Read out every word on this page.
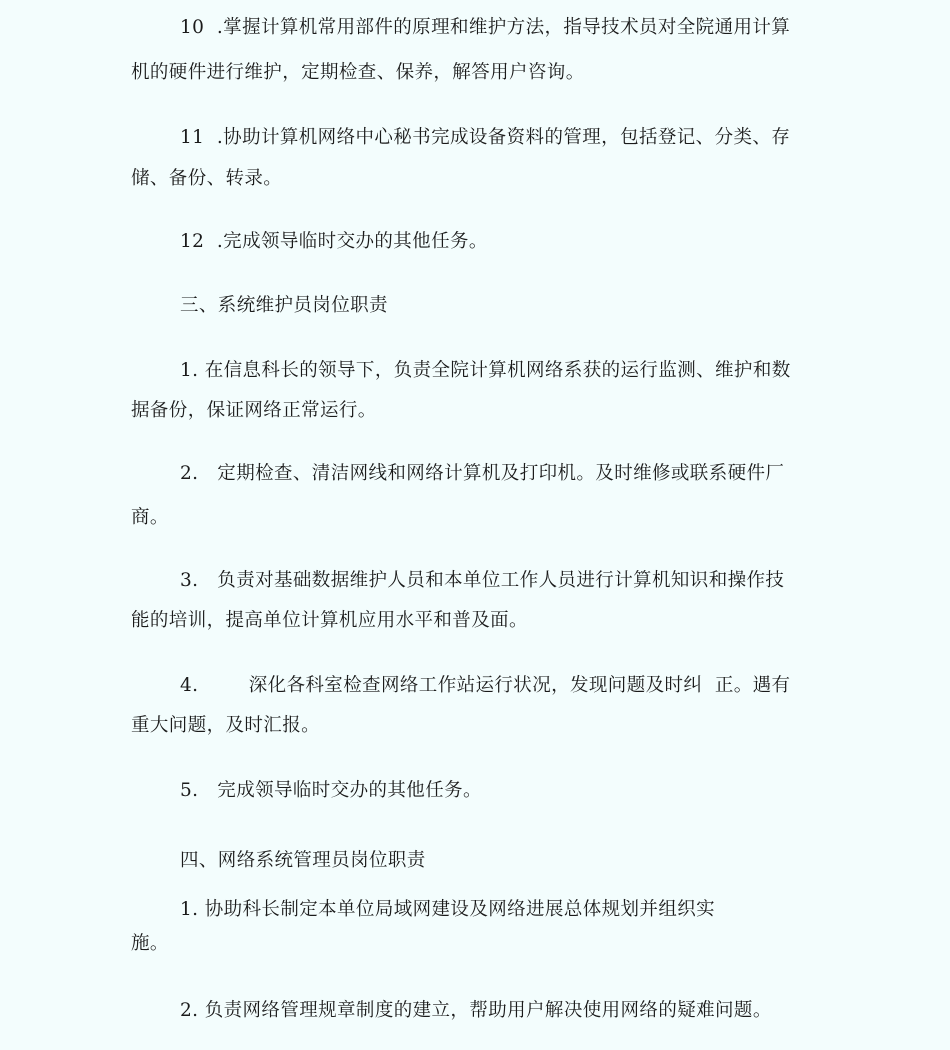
10  .掌握计算机常用部件的原理和维护方法，指导技术员对全院通用计算
机的硬件进行维护，定期检查、保养，解答用户咨询。
11  .协助计算机网络中心秘书完成设备资料的管理，包括登记、分类、存
储、备份、转录。
12  .完成领导临时交办的其他任务。
三、系统维护员岗位职责
1. 在信息科长的领导下，负责全院计算机网络系获的运行监测、维护和数
据备份，保证网络正常运行。
2.   定期检查、清洁网线和网络计算机及打印机。及时维修或联系硬件厂
商。
3.   负责对基础数据维护人员和本单位工作人员进行计算机知识和操作技
能的培训，提高单位计算机应用水平和普及面。
4.        深化各科室检查网络工作站运行状况，发现问题及时纠  正。遇有
重大问题，及时汇报。
5.   完成领导临时交办的其他任务。
四、网络系统管理员岗位职责
1. 协助科长制定本单位局域网建设及网络进展总体规划并组织实
施。
2. 负责网络管理规章制度的建立，帮助用户解决使用网络的疑难问题。
